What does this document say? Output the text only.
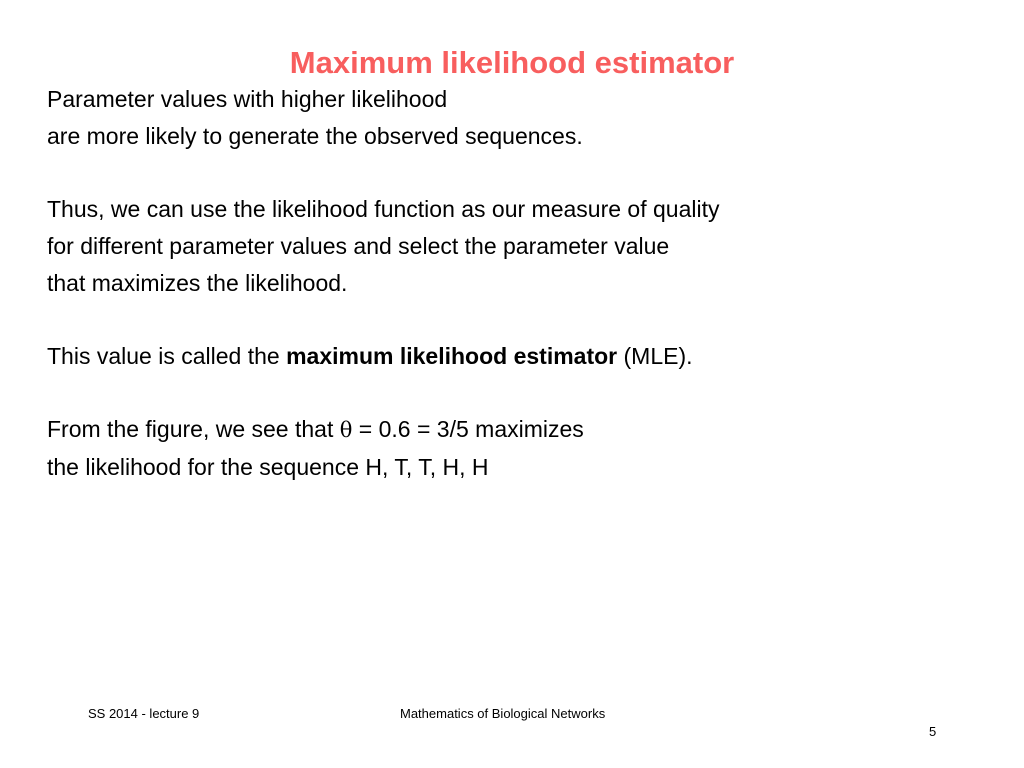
Maximum likelihood estimator

Parameter values with higher likelihood
are more likely to generate the observed sequences.

Thus, we can use the likelihood function as our measure of quality
for different parameter values and select the parameter value
that maximizes the likelihood.

This value is called the maximum likelihood estimator (MLE).

From the figure, we see that θ = 0.6 = 3/5 maximizes
the likelihood for the sequence H, T, T, H, H

SS 2014 - lecture 9	Mathematics of Biological Networks
5
